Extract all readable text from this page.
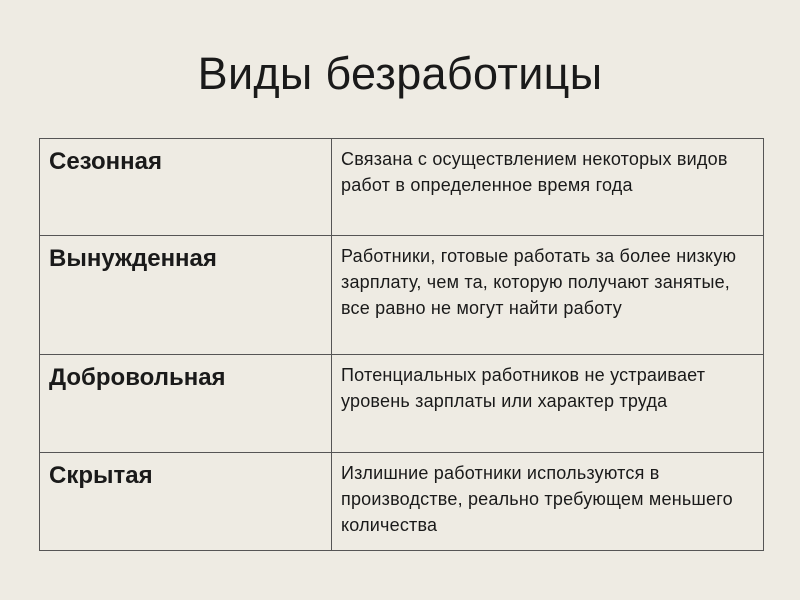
Виды безработицы
Сезонная	Связана с осуществлением некоторых видов работ в определенное время года

Вынужденная	Работники, готовые работать за более низкую зарплату, чем та, которую получают занятые, все равно не могут найти работу

Добровольная	Потенциальных работников не устраивает уровень зарплаты или характер труда

Скрытая	Излишние работники используются в производстве, реально требующем меньшего количества
